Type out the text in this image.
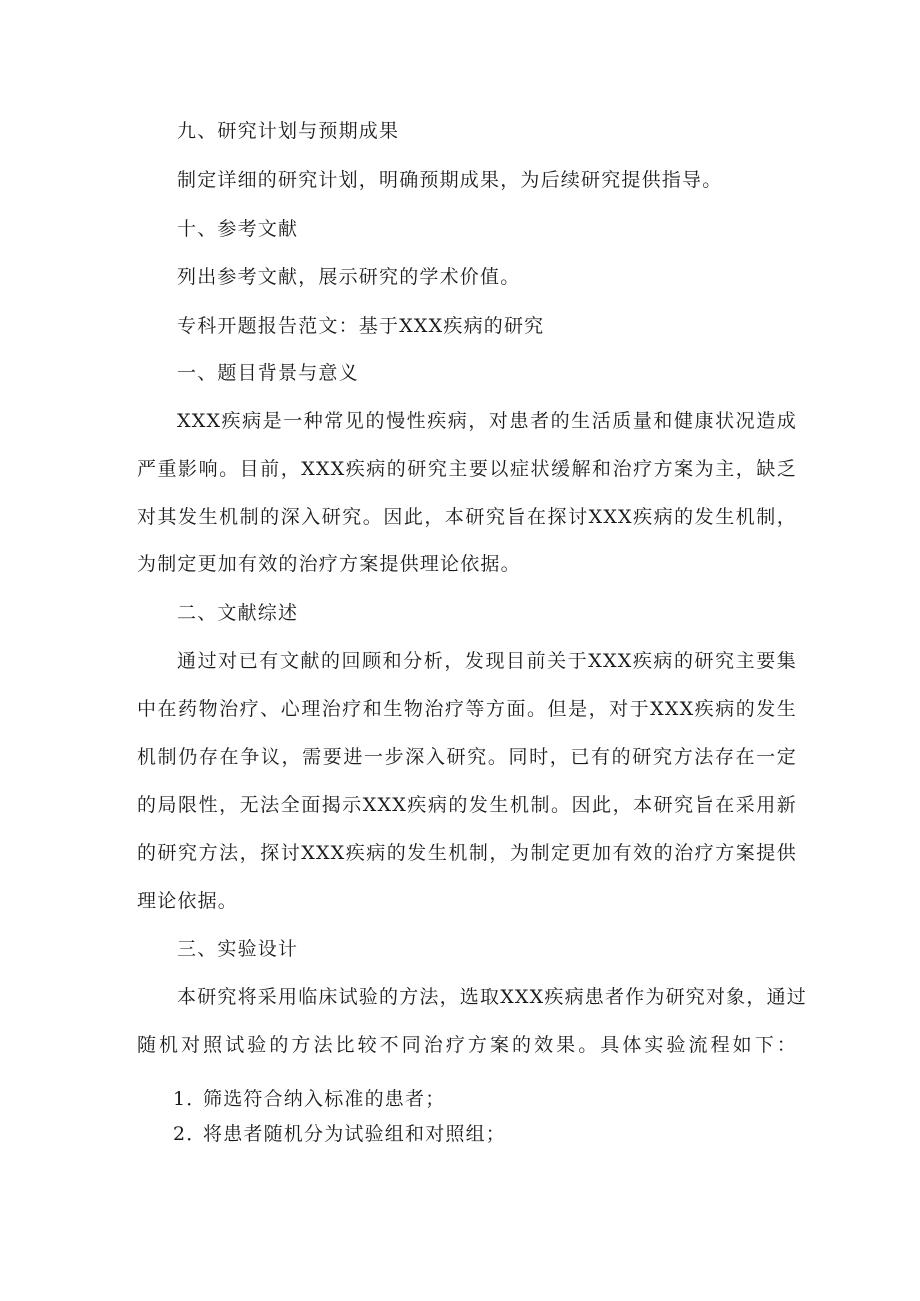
九、研究计划与预期成果
制定详细的研究计划，明确预期成果，为后续研究提供指导。
十、参考文献
列出参考文献，展示研究的学术价值。
专科开题报告范文：基于XXX疾病的研究
一、题目背景与意义
XXX疾病是一种常见的慢性疾病，对患者的生活质量和健康状况造成
严重影响。目前，XXX疾病的研究主要以症状缓解和治疗方案为主，缺乏
对其发生机制的深入研究。因此，本研究旨在探讨XXX疾病的发生机制，
为制定更加有效的治疗方案提供理论依据。
二、文献综述
通过对已有文献的回顾和分析，发现目前关于XXX疾病的研究主要集
中在药物治疗、心理治疗和生物治疗等方面。但是，对于XXX疾病的发生
机制仍存在争议，需要进一步深入研究。同时，已有的研究方法存在一定
的局限性，无法全面揭示XXX疾病的发生机制。因此，本研究旨在采用新
的研究方法，探讨XXX疾病的发生机制，为制定更加有效的治疗方案提供
理论依据。
三、实验设计
本研究将采用临床试验的方法，选取XXX疾病患者作为研究对象，通过
随机对照试验的方法比较不同治疗方案的效果。具体实验流程如下：
1．筛选符合纳入标准的患者；
2．将患者随机分为试验组和对照组；
